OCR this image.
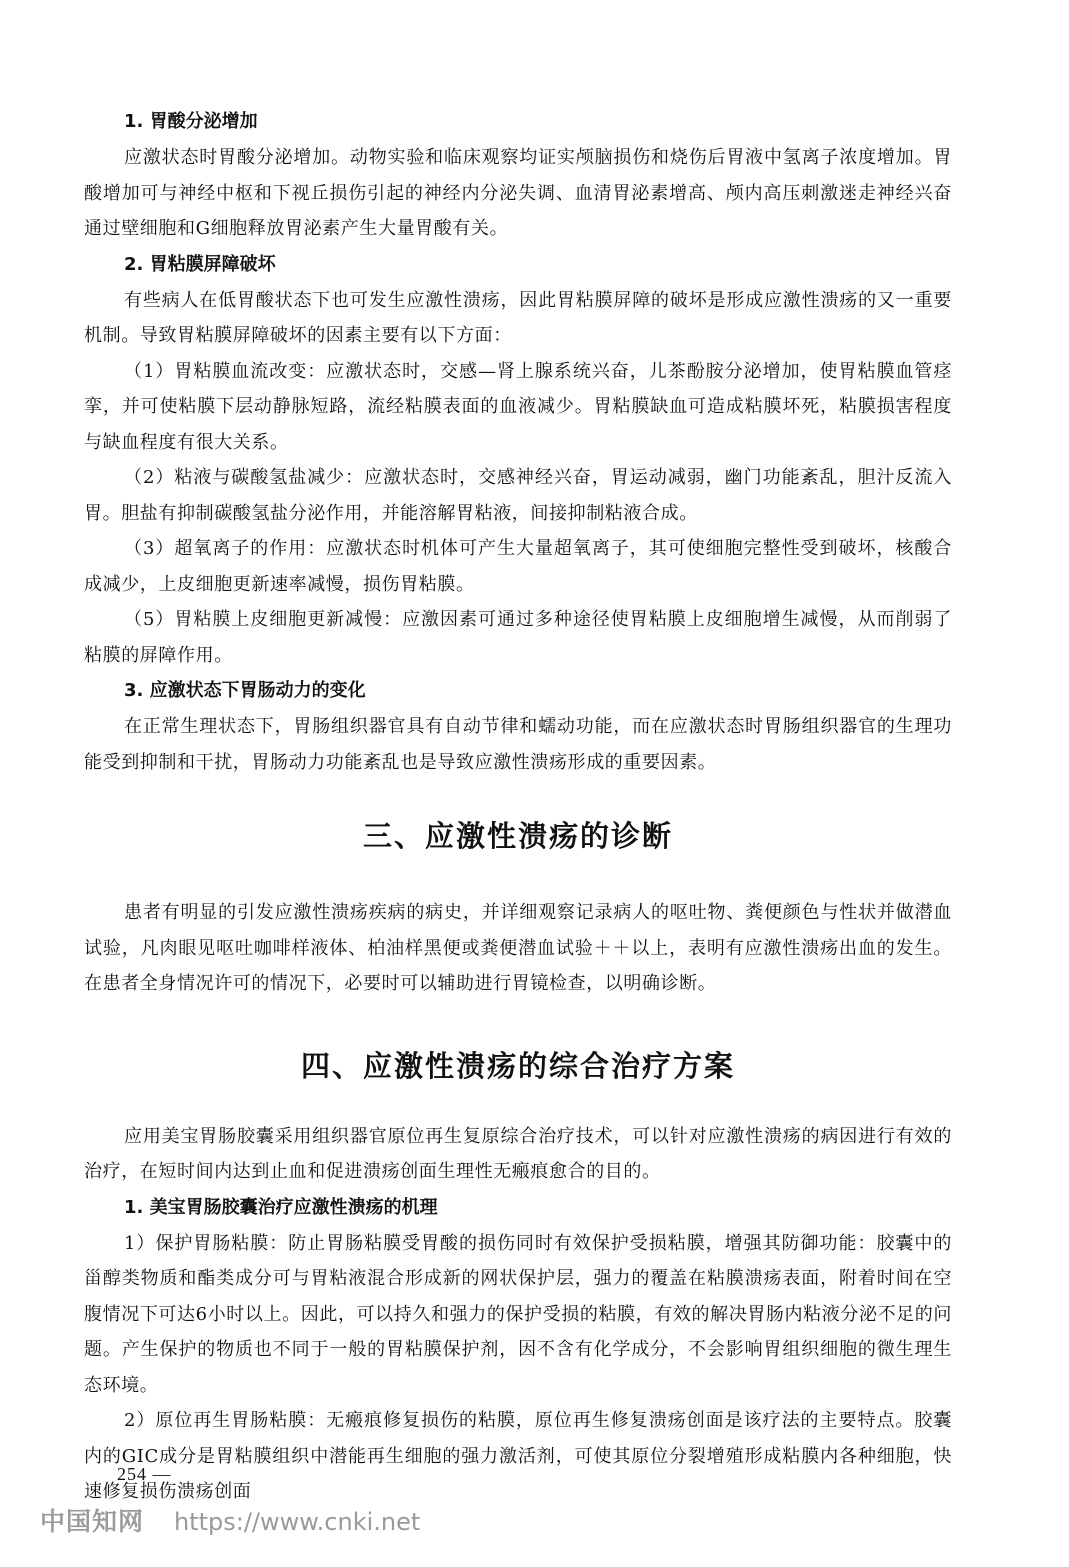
1. 胃酸分泌增加

应激状态时胃酸分泌增加。动物实验和临床观察均证实颅脑损伤和烧伤后胃液中氢离子浓度增加。胃酸增加可与神经中枢和下视丘损伤引起的神经内分泌失调、血清胃泌素增高、颅内高压刺激迷走神经兴奋通过壁细胞和G细胞释放胃泌素产生大量胃酸有关。

2. 胃粘膜屏障破坏

有些病人在低胃酸状态下也可发生应激性溃疡，因此胃粘膜屏障的破坏是形成应激性溃疡的又一重要机制。导致胃粘膜屏障破坏的因素主要有以下方面：

（1）胃粘膜血流改变：应激状态时，交感—肾上腺系统兴奋，儿茶酚胺分泌增加，使胃粘膜血管痉挛，并可使粘膜下层动静脉短路，流经粘膜表面的血液减少。胃粘膜缺血可造成粘膜坏死，粘膜损害程度与缺血程度有很大关系。

（2）粘液与碳酸氢盐减少：应激状态时，交感神经兴奋，胃运动减弱，幽门功能紊乱，胆汁反流入胃。胆盐有抑制碳酸氢盐分泌作用，并能溶解胃粘液，间接抑制粘液合成。

（3）超氧离子的作用：应激状态时机体可产生大量超氧离子，其可使细胞完整性受到破坏，核酸合成减少，上皮细胞更新速率减慢，损伤胃粘膜。

（5）胃粘膜上皮细胞更新减慢：应激因素可通过多种途径使胃粘膜上皮细胞增生减慢，从而削弱了粘膜的屏障作用。

3. 应激状态下胃肠动力的变化

在正常生理状态下，胃肠组织器官具有自动节律和蠕动功能，而在应激状态时胃肠组织器官的生理功能受到抑制和干扰，胃肠动力功能紊乱也是导致应激性溃疡形成的重要因素。

三、应激性溃疡的诊断

患者有明显的引发应激性溃疡疾病的病史，并详细观察记录病人的呕吐物、粪便颜色与性状并做潜血试验，凡肉眼见呕吐咖啡样液体、柏油样黑便或粪便潜血试验＋＋以上，表明有应激性溃疡出血的发生。在患者全身情况许可的情况下，必要时可以辅助进行胃镜检查，以明确诊断。

四、应激性溃疡的综合治疗方案

应用美宝胃肠胶囊采用组织器官原位再生复原综合治疗技术，可以针对应激性溃疡的病因进行有效的治疗，在短时间内达到止血和促进溃疡创面生理性无瘢痕愈合的目的。

1. 美宝胃肠胶囊治疗应激性溃疡的机理

1）保护胃肠粘膜：防止胃肠粘膜受胃酸的损伤同时有效保护受损粘膜，增强其防御功能：胶囊中的甾醇类物质和酯类成分可与胃粘液混合形成新的网状保护层，强力的覆盖在粘膜溃疡表面，附着时间在空腹情况下可达6小时以上。因此，可以持久和强力的保护受损的粘膜，有效的解决胃肠内粘液分泌不足的问题。产生保护的物质也不同于一般的胃粘膜保护剂，因不含有化学成分，不会影响胃组织细胞的微生理生态环境。

2）原位再生胃肠粘膜：无瘢痕修复损伤的粘膜，原位再生修复溃疡创面是该疗法的主要特点。胶囊内的GIC成分是胃粘膜组织中潜能再生细胞的强力激活剂，可使其原位分裂增殖形成粘膜内各种细胞，快速修复损伤溃疡创面

254 —
中国知网 https://www.cnki.net
